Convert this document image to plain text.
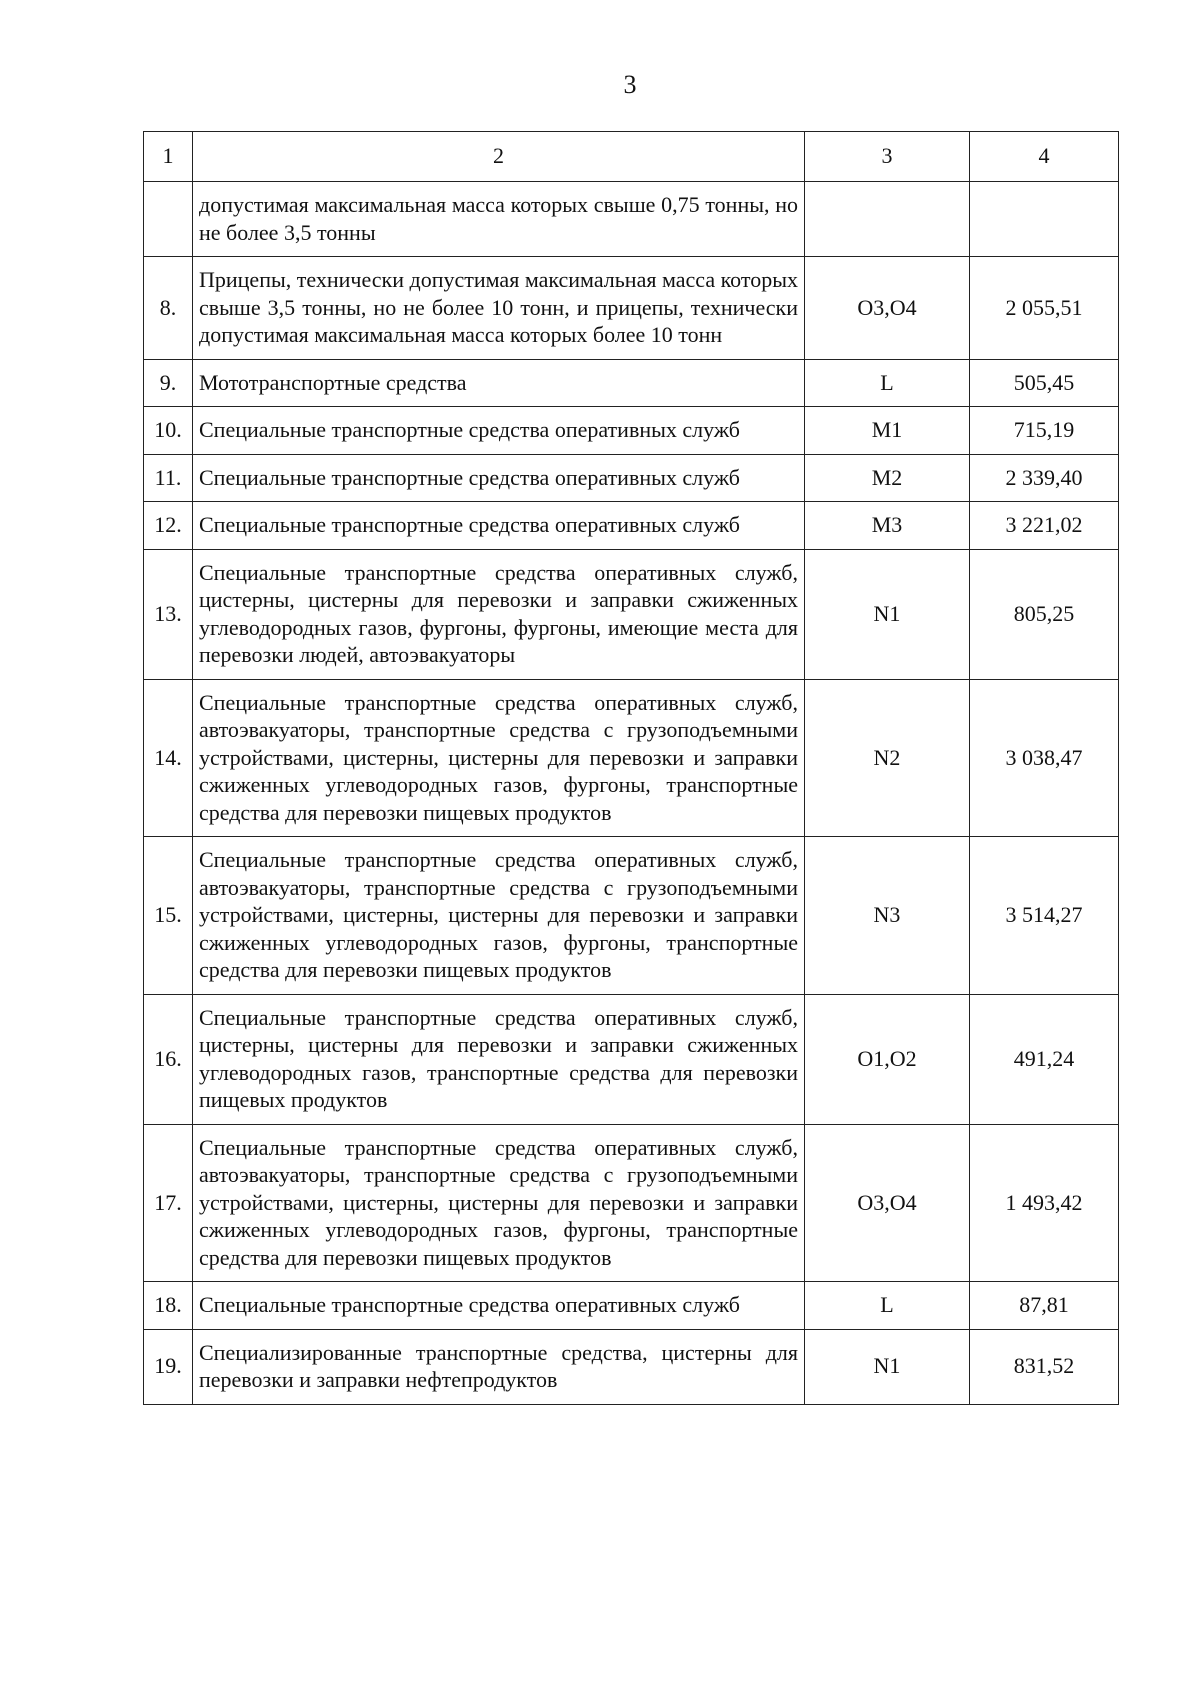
3
1	2	3	4
	допустимая максимальная масса которых свыше 0,75 тонны, но не более 3,5 тонны		
8.	Прицепы, технически допустимая максимальная масса которых свыше 3,5 тонны, но не более 10 тонн, и прицепы, технически допустимая максимальная масса которых более 10 тонн	O3,O4	2 055,51
9.	Мототранспортные средства	L	505,45
10.	Специальные транспортные средства оперативных служб	M1	715,19
11.	Специальные транспортные средства оперативных служб	M2	2 339,40
12.	Специальные транспортные средства оперативных служб	M3	3 221,02
13.	Специальные транспортные средства оперативных служб, цистерны, цистерны для перевозки и заправки сжиженных углеводородных газов, фургоны, фургоны, имеющие места для перевозки людей, автоэвакуаторы	N1	805,25
14.	Специальные транспортные средства оперативных служб, автоэвакуаторы, транспортные средства с грузоподъемными устройствами, цистерны, цистерны для перевозки и заправки сжиженных углеводородных газов, фургоны, транспортные средства для перевозки пищевых продуктов	N2	3 038,47
15.	Специальные транспортные средства оперативных служб, автоэвакуаторы, транспортные средства с грузоподъемными устройствами, цистерны, цистерны для перевозки и заправки сжиженных углеводородных газов, фургоны, транспортные средства для перевозки пищевых продуктов	N3	3 514,27
16.	Специальные транспортные средства оперативных служб, цистерны, цистерны для перевозки и заправки сжиженных углеводородных газов, транспортные средства для перевозки пищевых продуктов	O1,O2	491,24
17.	Специальные транспортные средства оперативных служб, автоэвакуаторы, транспортные средства с грузоподъемными устройствами, цистерны, цистерны для перевозки и заправки сжиженных углеводородных газов, фургоны, транспортные средства для перевозки пищевых продуктов	O3,O4	1 493,42
18.	Специальные транспортные средства оперативных служб	L	87,81
19.	Специализированные транспортные средства, цистерны для перевозки и заправки нефтепродуктов	N1	831,52
